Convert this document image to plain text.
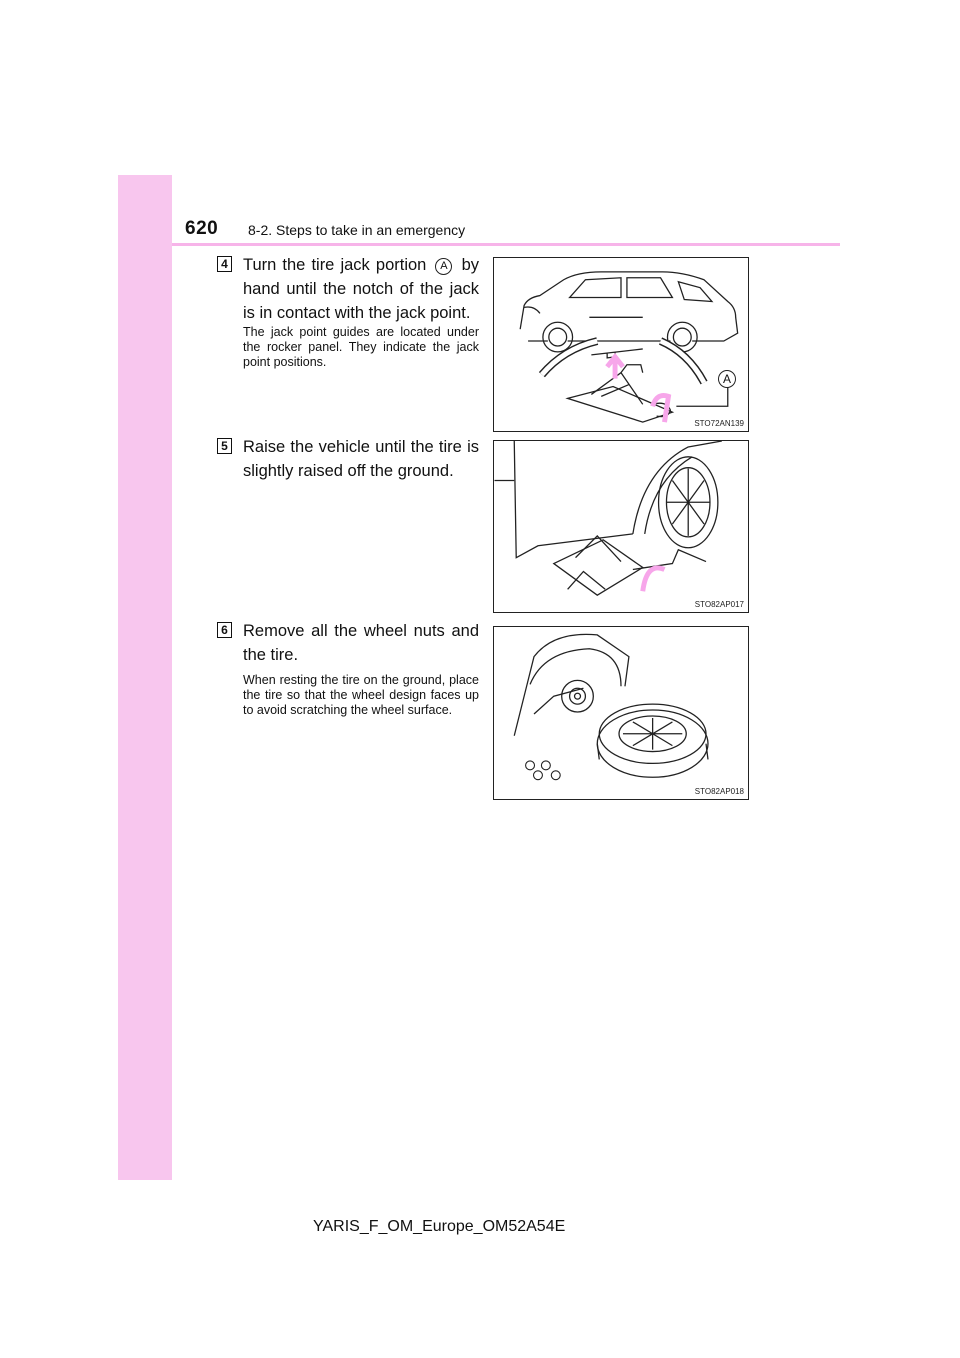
620 8-2. Steps to take in an emergency
4 Turn the tire jack portion A by hand until the notch of the jack is in contact with the jack point.
The jack point guides are located under the rocker panel. They indicate the jack point positions.
A
STO72AN139
5 Raise the vehicle until the tire is slightly raised off the ground.
STO82AP017
6 Remove all the wheel nuts and the tire.
When resting the tire on the ground, place the tire so that the wheel design faces up to avoid scratching the wheel surface.
STO82AP018
YARIS_F_OM_Europe_OM52A54E
